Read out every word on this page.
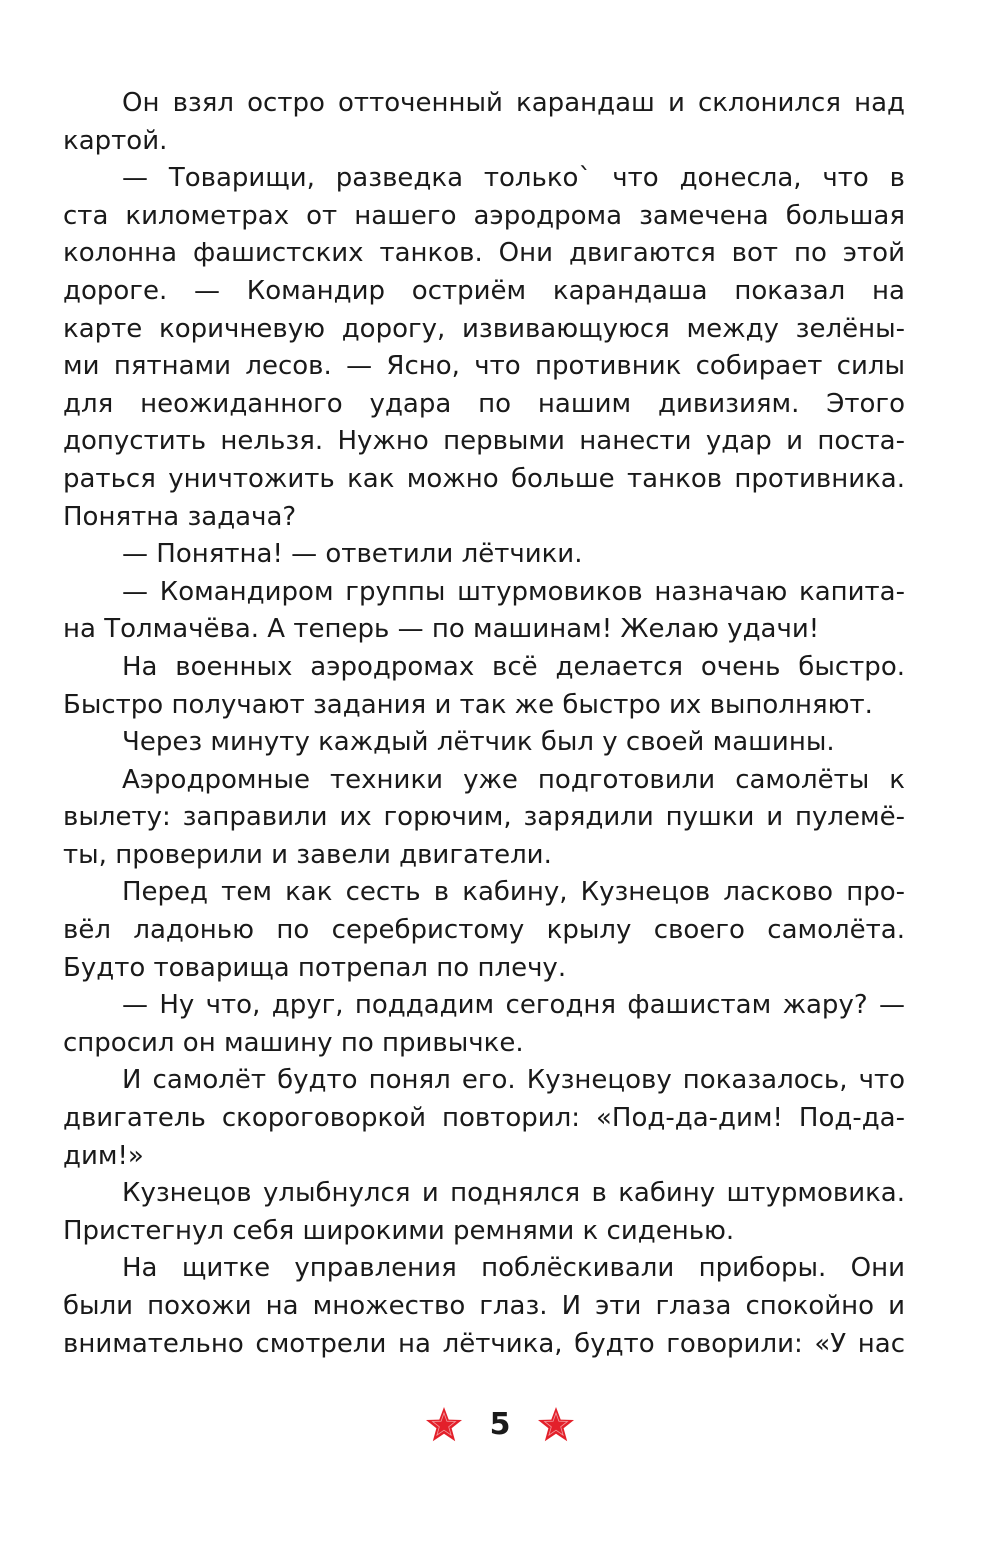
Он взял остро отточенный карандаш и склонился над
картой.
— Товарищи, разведка только` что донесла, что в
ста километрах от нашего аэродрома замечена большая
колонна фашистских танков. Они двигаются вот по этой
дороге. — Командир остриём карандаша показал на
карте коричневую дорогу, извивающуюся между зелёны-
ми пятнами лесов. — Ясно, что противник собирает силы
для неожиданного удара по нашим дивизиям. Этого
допустить нельзя. Нужно первыми нанести удар и поста-
раться уничтожить как можно больше танков противника.
Понятна задача?
— Понятна! — ответили лётчики.
— Командиром группы штурмовиков назначаю капита-
на Толмачёва. А теперь — по машинам! Желаю удачи!
На военных аэродромах всё делается очень быстро.
Быстро получают задания и так же быстро их выполняют.
Через минуту каждый лётчик был у своей машины.
Аэродромные техники уже подготовили самолёты к
вылету: заправили их горючим, зарядили пушки и пулемё-
ты, проверили и завели двигатели.
Перед тем как сесть в кабину, Кузнецов ласково про-
вёл ладонью по серебристому крылу своего самолёта.
Будто товарища потрепал по плечу.
— Ну что, друг, поддадим сегодня фашистам жару? —
спросил он машину по привычке.
И самолёт будто понял его. Кузнецову показалось, что
двигатель скороговоркой повторил: «Под-да-дим! Под-да-
дим!»
Кузнецов улыбнулся и поднялся в кабину штурмовика.
Пристегнул себя широкими ремнями к сиденью.
На щитке управления поблёскивали приборы. Они
были похожи на множество глаз. И эти глаза спокойно и
внимательно смотрели на лётчика, будто говорили: «У нас
5
